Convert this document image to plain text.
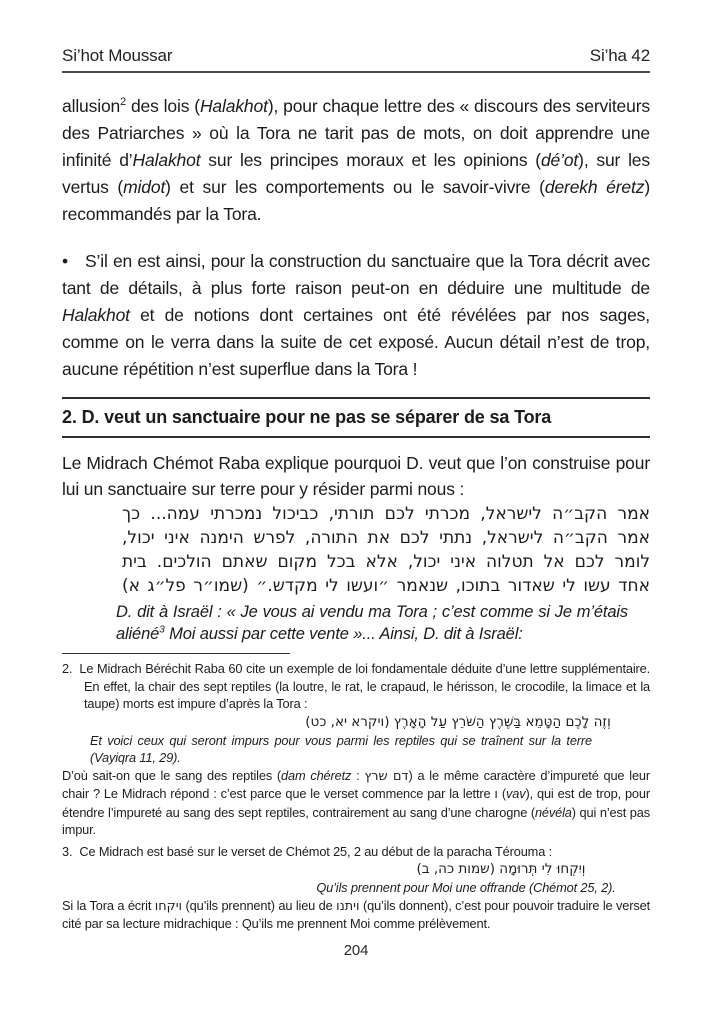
Si’hot Moussar	Si’ha 42

allusion$^2$ des lois (Halakhot), pour chaque lettre des « discours des serviteurs des Patriarches » où la Tora ne tarit pas de mots, on doit apprendre une infinité d’Halakhot sur les principes moraux et les opinions (dé’ot), sur les vertus (midot) et sur les comportements ou le savoir-vivre (derekh éretz) recommandés par la Tora.

• S’il en est ainsi, pour la construction du sanctuaire que la Tora décrit avec tant de détails, à plus forte raison peut-on en déduire une multitude de Halakhot et de notions dont certaines ont été révélées par nos sages, comme on le verra dans la suite de cet exposé. Aucun détail n’est de trop, aucune répétition n’est superflue dans la Tora !

2. D. veut un sanctuaire pour ne pas se séparer de sa Tora

Le Midrach Chémot Raba explique pourquoi D. veut que l’on construise pour lui un sanctuaire sur terre pour y résider parmi nous :

אמר הקב״ה לישראל, מכרתי לכם תורתי, כביכול נמכרתי עמה... כך
אמר הקב״ה לישראל, נתתי לכם את התורה, לפרש הימנה איני יכול,
לומר לכם אל תטלוה איני יכול, אלא בכל מקום שאתם הולכים. בית
אחד עשו לי שאדור בתוכו, שנאמר ״ועשו לי מקדש.״ (שמו״ר פל״ג א)

D. dit à Israël : « Je vous ai vendu ma Tora ; c’est comme si Je m’étais aliéné$^3$ Moi aussi par cette vente »... Ainsi, D. dit à Israël:

2. Le Midrach Béréchit Raba 60 cite un exemple de loi fondamentale déduite d’une lettre supplémentaire. En effet, la chair des sept reptiles (la loutre, le rat, le crapaud, le hérisson, le crocodile, la limace et la taupe) morts est impure d’après la Tora :
וְזֶה לָכֶם הַטָּמֵא בַּשֶּׁרֶץ הַשֹּׁרֵץ עַל הָאָרֶץ (ויקרא יא, כט)
Et voici ceux qui seront impurs pour vous parmi les reptiles qui se traînent sur la terre (Vayiqra 11, 29).
D’où sait-on que le sang des reptiles (dam chéretz : דם שרץ) a le même caractère d’impureté que leur chair ? Le Midrach répond : c’est parce que le verset commence par la lettre ו (vav), qui est de trop, pour étendre l’impureté au sang des sept reptiles, contrairement au sang d’une charogne (névéla) qui n’est pas impur.
3. Ce Midrach est basé sur le verset de Chémot 25, 2 au début de la paracha Térouma :
וְיִקְחוּ לִי תְּרוּמָה (שמות כה, ב)
Qu’ils prennent pour Moi une offrande (Chémot 25, 2).
Si la Tora a écrit ויקחו (qu’ils prennent) au lieu de ויתנו (qu’ils donnent), c’est pour pouvoir traduire le verset cité par sa lecture midrachique : Qu’ils me prennent Moi comme prélèvement.
204
